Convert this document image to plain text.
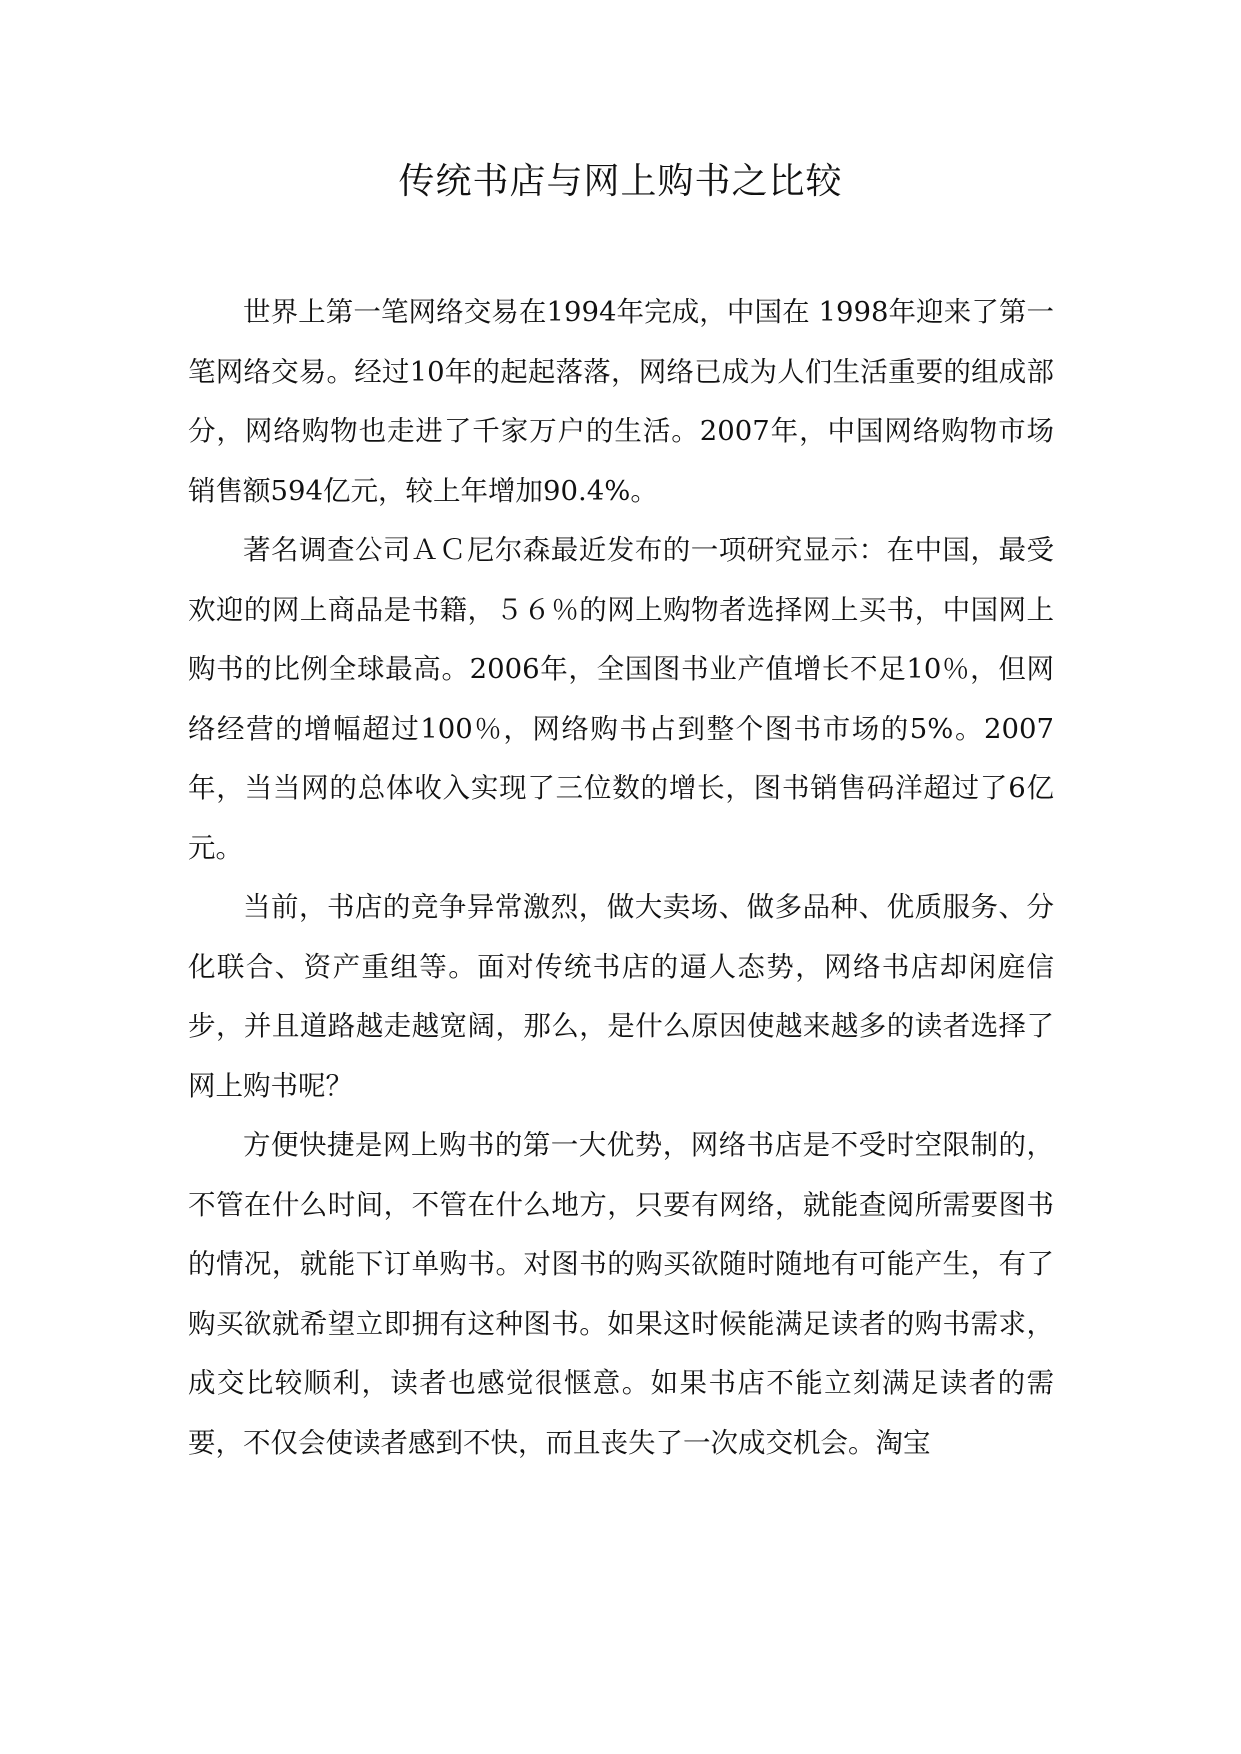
传统书店与网上购书之比较

世界上第一笔网络交易在1994年完成，中国在 1998年迎来了第一笔网络交易。经过10年的起起落落，网络已成为人们生活重要的组成部分，网络购物也走进了千家万户的生活。2007年，中国网络购物市场销售额594亿元，较上年增加90.4%。

著名调查公司ＡＣ尼尔森最近发布的一项研究显示：在中国，最受欢迎的网上商品是书籍，５６％的网上购物者选择网上买书，中国网上购书的比例全球最高。2006年，全国图书业产值增长不足10％，但网络经营的增幅超过100％，网络购书占到整个图书市场的5%。2007年，当当网的总体收入实现了三位数的增长，图书销售码洋超过了6亿元。

当前，书店的竞争异常激烈，做大卖场、做多品种、优质服务、分化联合、资产重组等。面对传统书店的逼人态势，网络书店却闲庭信步，并且道路越走越宽阔，那么，是什么原因使越来越多的读者选择了网上购书呢？

方便快捷是网上购书的第一大优势，网络书店是不受时空限制的，不管在什么时间，不管在什么地方，只要有网络，就能查阅所需要图书的情况，就能下订单购书。对图书的购买欲随时随地有可能产生，有了购买欲就希望立即拥有这种图书。如果这时候能满足读者的购书需求，成交比较顺利，读者也感觉很惬意。如果书店不能立刻满足读者的需要，不仅会使读者感到不快，而且丧失了一次成交机会。淘宝
